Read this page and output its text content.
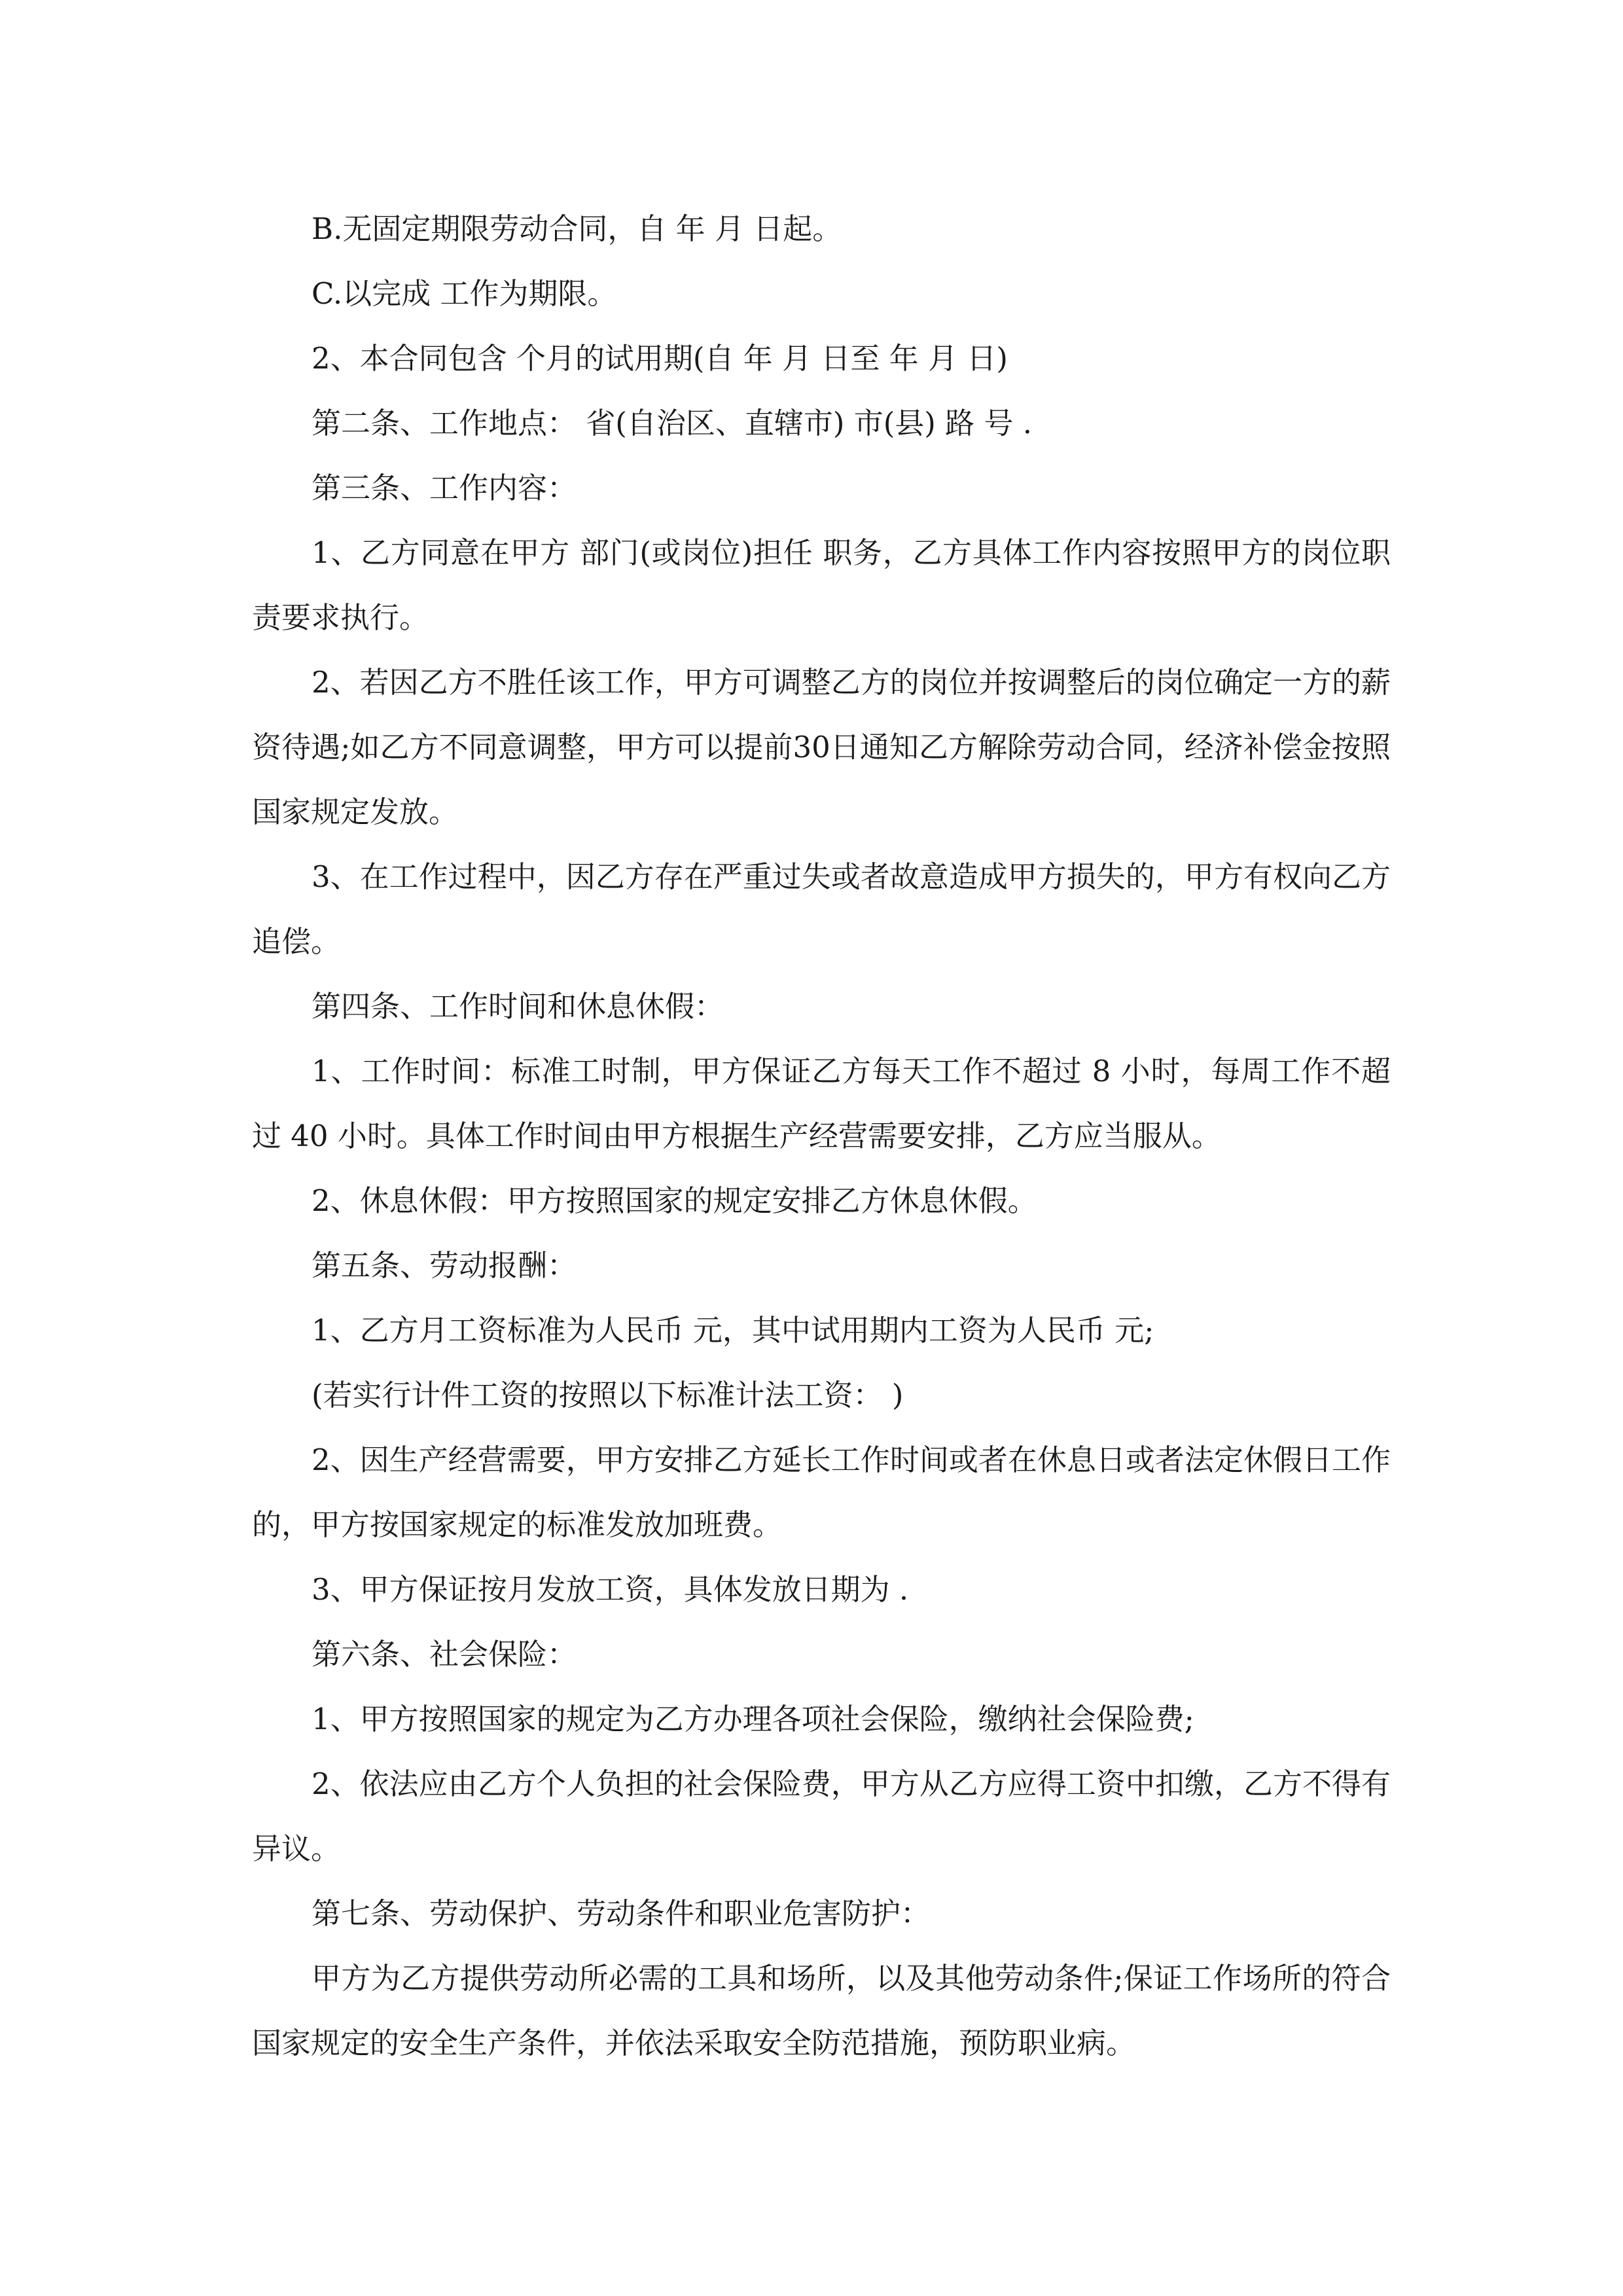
B.无固定期限劳动合同，自 年 月 日起。

C.以完成 工作为期限。

2、本合同包含 个月的试用期(自 年 月 日至 年 月 日)

第二条、工作地点： 省(自治区、直辖市) 市(县) 路 号 .

第三条、工作内容：

1、乙方同意在甲方 部门(或岗位)担任 职务，乙方具体工作内容按照甲方的岗位职责要求执行。

2、若因乙方不胜任该工作，甲方可调整乙方的岗位并按调整后的岗位确定一方的薪资待遇;如乙方不同意调整，甲方可以提前30日通知乙方解除劳动合同，经济补偿金按照国家规定发放。

3、在工作过程中，因乙方存在严重过失或者故意造成甲方损失的，甲方有权向乙方追偿。

第四条、工作时间和休息休假：

1、工作时间：标准工时制，甲方保证乙方每天工作不超过 8 小时，每周工作不超过 40 小时。具体工作时间由甲方根据生产经营需要安排，乙方应当服从。

2、休息休假：甲方按照国家的规定安排乙方休息休假。

第五条、劳动报酬：

1、乙方月工资标准为人民币 元，其中试用期内工资为人民币 元;

(若实行计件工资的按照以下标准计法工资： )

2、因生产经营需要，甲方安排乙方延长工作时间或者在休息日或者法定休假日工作的，甲方按国家规定的标准发放加班费。

3、甲方保证按月发放工资，具体发放日期为 .

第六条、社会保险：

1、甲方按照国家的规定为乙方办理各项社会保险，缴纳社会保险费;

2、依法应由乙方个人负担的社会保险费，甲方从乙方应得工资中扣缴，乙方不得有异议。

第七条、劳动保护、劳动条件和职业危害防护：

甲方为乙方提供劳动所必需的工具和场所，以及其他劳动条件;保证工作场所的符合国家规定的安全生产条件，并依法采取安全防范措施，预防职业病。
